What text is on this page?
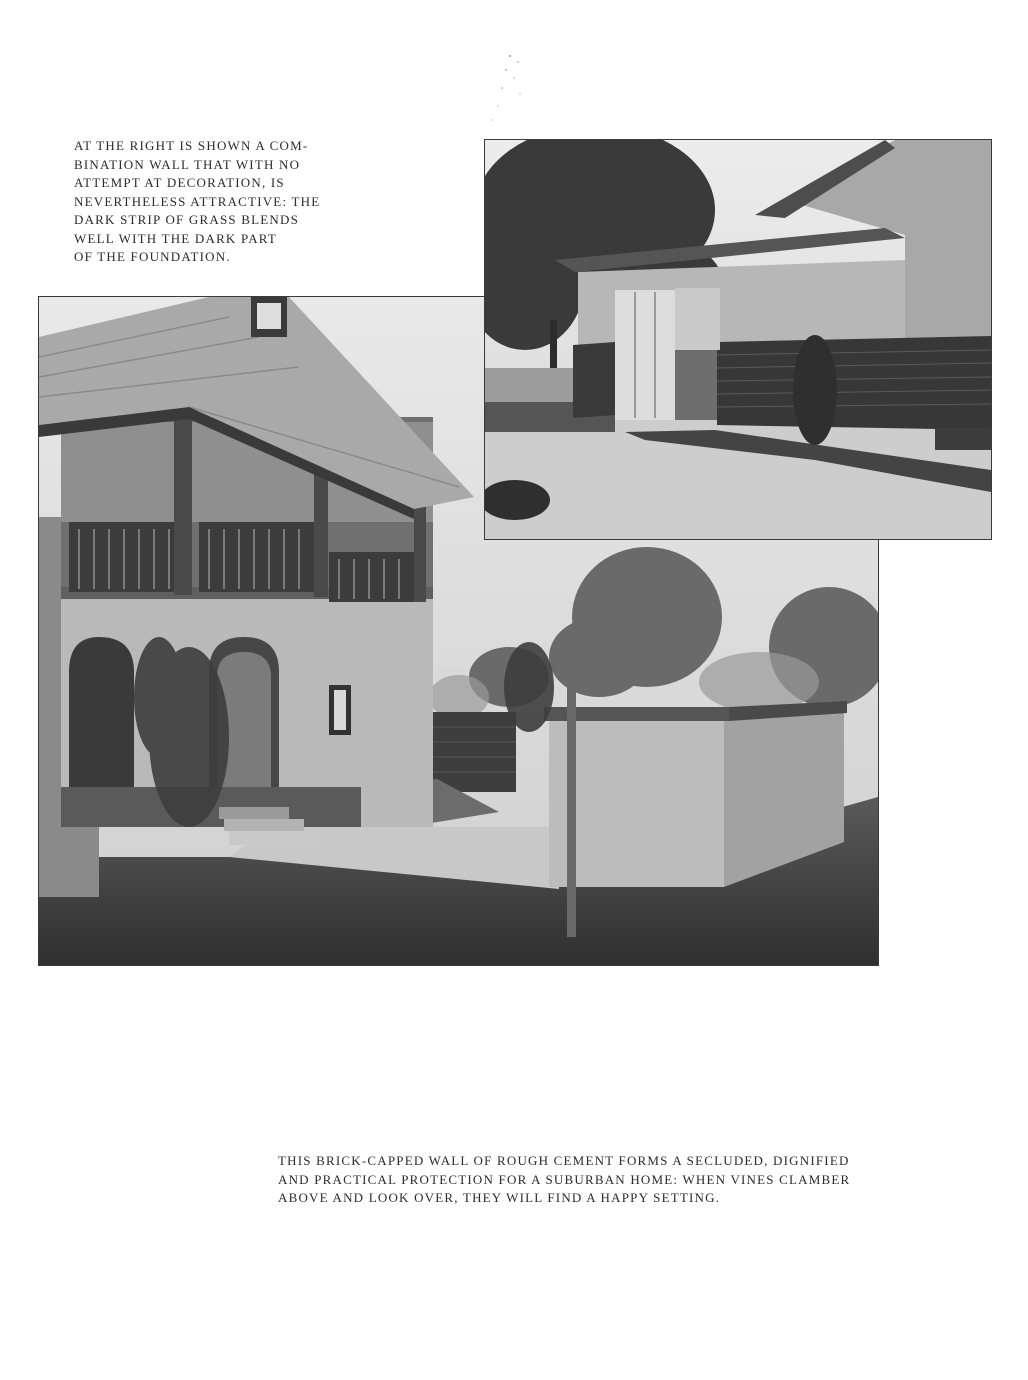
AT THE RIGHT IS SHOWN A COM-

BINATION WALL THAT WITH NO

ATTEMPT AT DECORATION, IS

NEVERTHELESS ATTRACTIVE: THE

DARK STRIP OF GRASS BLENDS

WELL WITH THE DARK PART

OF THE FOUNDATION.

THIS BRICK-CAPPED WALL OF ROUGH CEMENT FORMS A SECLUDED, DIGNIFIED

AND PRACTICAL PROTECTION FOR A SUBURBAN HOME: WHEN VINES CLAMBER

ABOVE AND LOOK OVER, THEY WILL FIND A HAPPY SETTING.
